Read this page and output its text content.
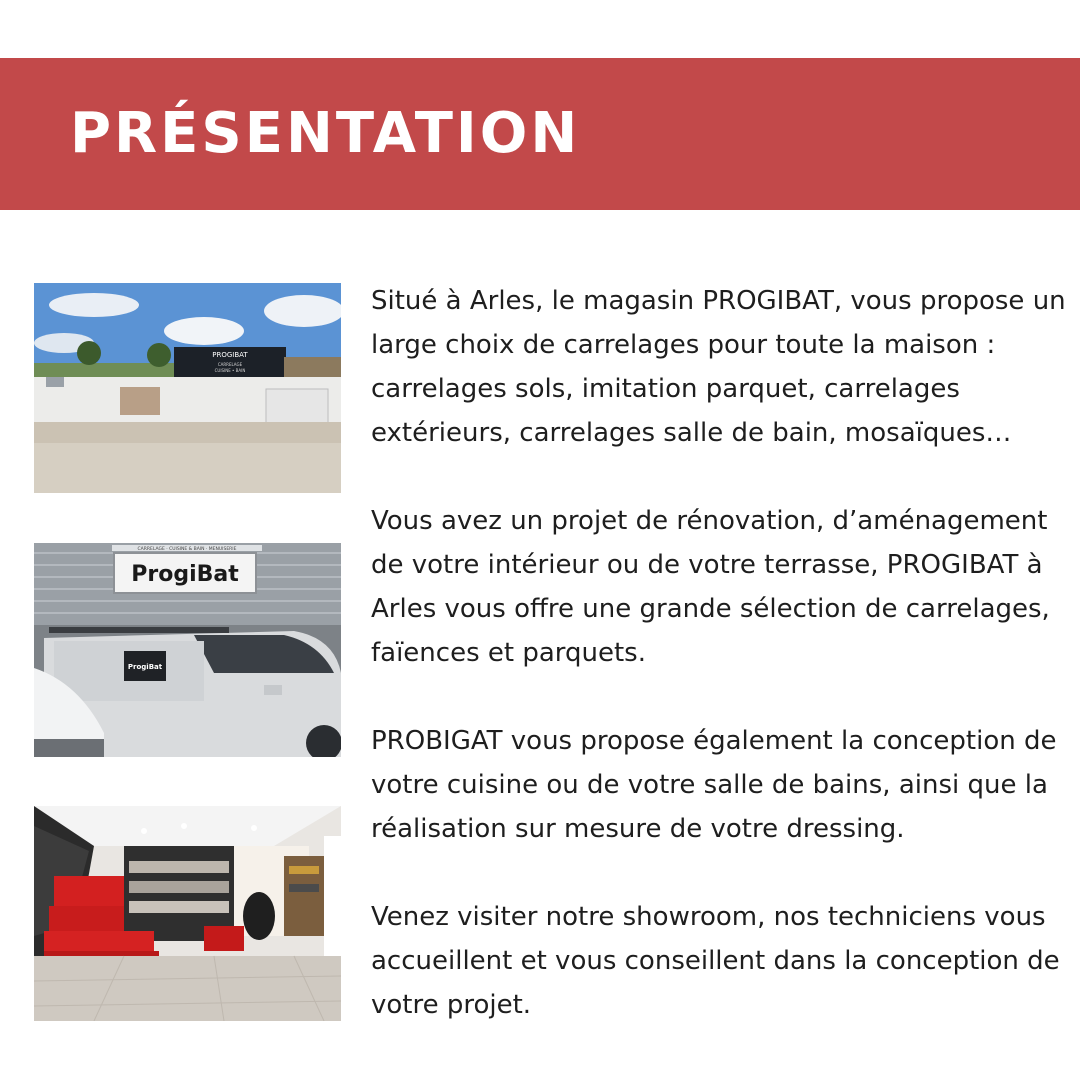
PRÉSENTATION
PROGIBAT
CARRELAGE
CUISINE • BAIN
CARRELAGE · CUISINE & BAIN · MENUISERIE
ProgiBat
ProgiBat

Situé à Arles, le magasin PROGIBAT, vous propose un large choix de carrelages pour toute la maison : carrelages sols, imitation parquet, carrelages extérieurs, carrelages salle de bain, mosaïques…

Vous avez un projet de rénovation, d’aménagement de votre intérieur ou de votre terrasse, PROGIBAT à Arles vous offre une grande sélection de carrelages, faïences et parquets.

PROBIGAT vous propose également la conception de votre cuisine ou de votre salle de bains, ainsi que la réalisation sur mesure de votre dressing.

Venez visiter notre showroom, nos techniciens vous accueillent et vous conseillent dans la conception de votre projet.
